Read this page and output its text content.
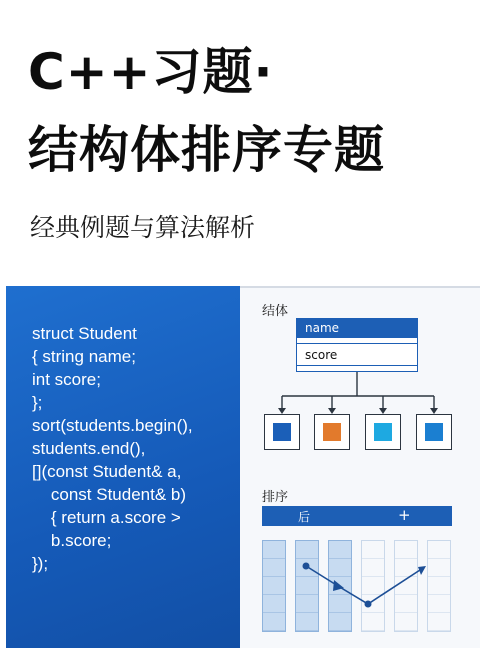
C++习题·
结构体排序专题
经典例题与算法解析
struct Student
{ string name;
int score;
};
sort(students.begin(),
students.end(),
[](const Student& a,
const Student& b)
{ return a.score >
b.score;
});
结体
name
score
排序
后	+
